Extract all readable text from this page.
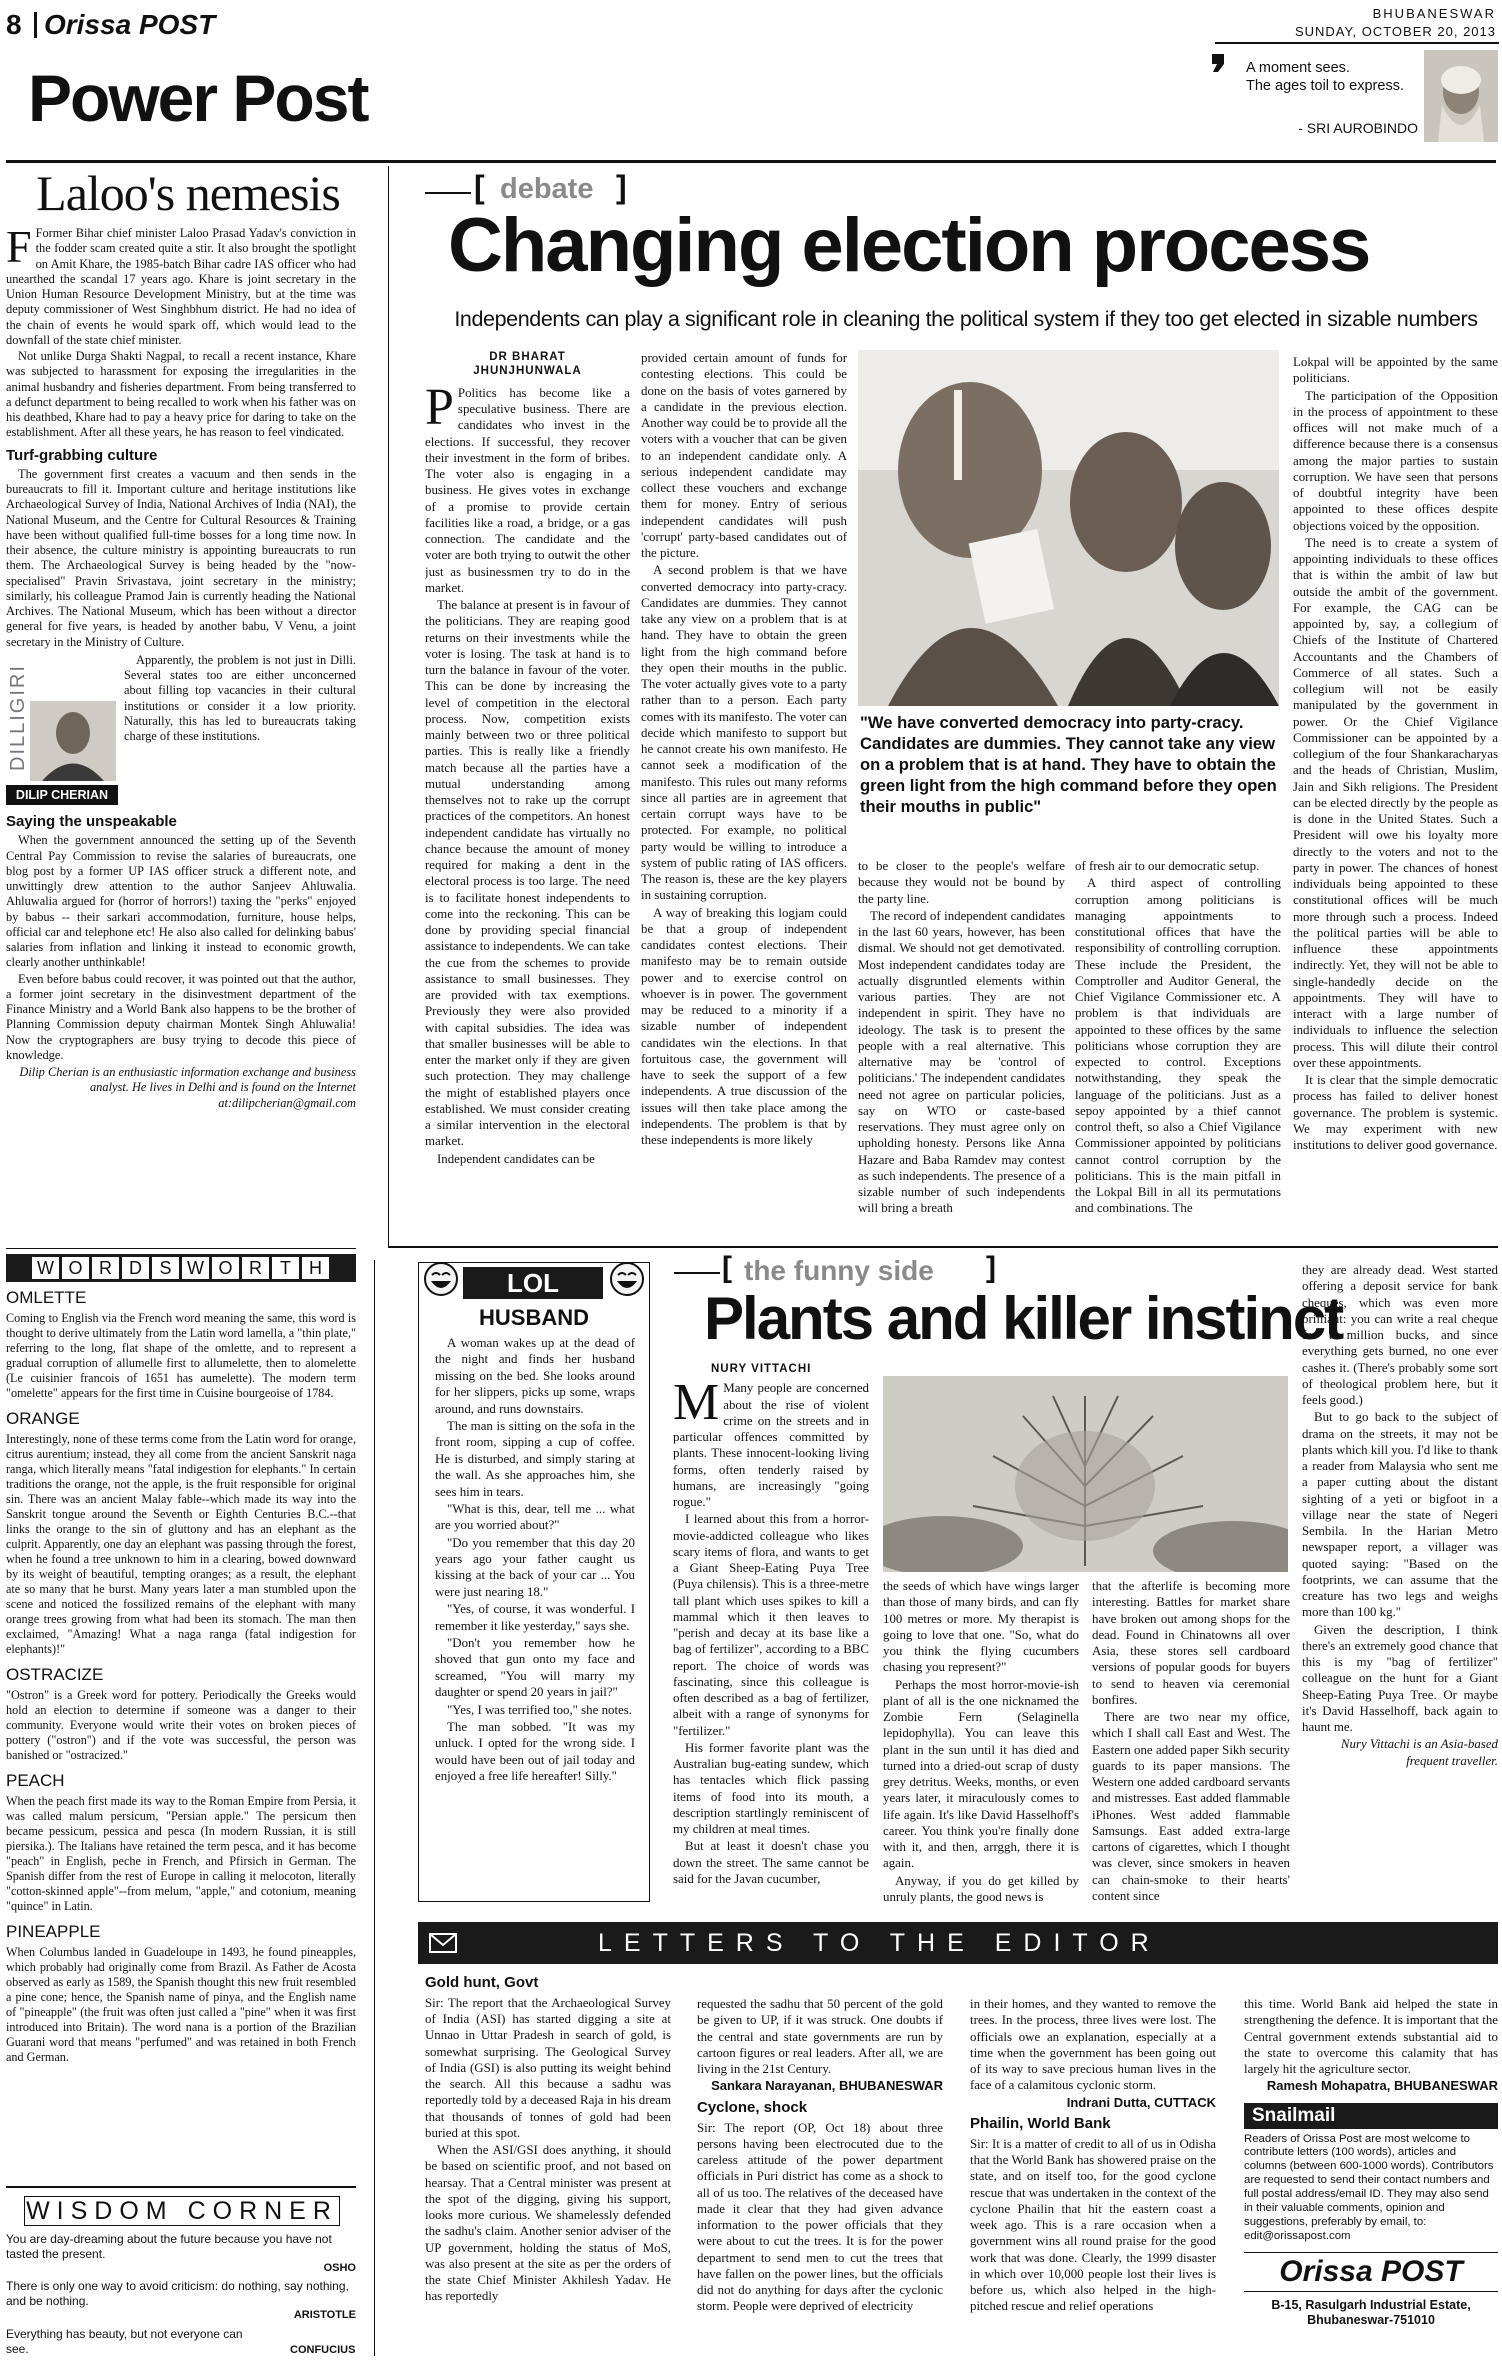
8 Orissa POST
Power Post
BHUBANESWAR
SUNDAY, OCTOBER 20, 2013
A moment sees.
The ages toil to express.
- SRI AUROBINDO
Laloo's nemesis

F Former Bihar chief minister Laloo Prasad Yadav's conviction in the fodder scam created quite a stir. It also brought the spotlight on Amit Khare, the 1985-batch Bihar cadre IAS officer who had unearthed the scandal 17 years ago. Khare is joint secretary in the Union Human Resource Development Ministry, but at the time was deputy commissioner of West Singhbhum district. He had no idea of the chain of events he would spark off, which would lead to the downfall of the state chief minister.

Not unlike Durga Shakti Nagpal, to recall a recent instance, Khare was subjected to harassment for exposing the irregularities in the animal husbandry and fisheries department. From being transferred to a defunct department to being recalled to work when his father was on his deathbed, Khare had to pay a heavy price for daring to take on the establishment. After all these years, he has reason to feel vindicated.

Turf-grabbing culture

The government first creates a vacuum and then sends in the bureaucrats to fill it. Important culture and heritage institutions like Archaeological Survey of India, National Archives of India (NAI), the National Museum, and the Centre for Cultural Resources & Training have been without qualified full-time bosses for a long time now. In their absence, the culture ministry is appointing bureaucrats to run them. The Archaeological Survey is being headed by the "now-specialised" Pravin Srivastava, joint secretary in the ministry; similarly, his colleague Pramod Jain is currently heading the National Archives. The National Museum, which has been without a director general for five years, is headed by another babu, V Venu, a joint secretary in the Ministry of Culture.

DILLIGIRI
DILIP CHERIAN

Apparently, the problem is not just in Dilli. Several states too are either unconcerned about filling top vacancies in their cultural institutions or consider it a low priority. Naturally, this has led to bureaucrats taking charge of these institutions.

Saying the unspeakable

When the government announced the setting up of the Seventh Central Pay Commission to revise the salaries of bureaucrats, one blog post by a former UP IAS officer struck a different note, and unwittingly drew attention to the author Sanjeev Ahluwalia. Ahluwalia argued for (horror of horrors!) taxing the "perks" enjoyed by babus -- their sarkari accommodation, furniture, house helps, official car and telephone etc! He also also called for delinking babus' salaries from inflation and linking it instead to economic growth, clearly another unthinkable!

Even before babus could recover, it was pointed out that the author, a former joint secretary in the disinvestment department of the Finance Ministry and a World Bank also happens to be the brother of Planning Commission deputy chairman Montek Singh Ahluwalia! Now the cryptographers are busy trying to decode this piece of knowledge.

Dilip Cherian is an enthusiastic information exchange and business analyst. He lives in Delhi and is found on the Internet at:dilipcherian@gmail.com

W O R D S W O R	T	H
OMLETTE

Coming to English via the French word meaning the same, this word is thought to derive ultimately from the Latin word lamella, a "thin plate," referring to the long, flat shape of the omlette, and to represent a gradual corruption of allumelle first to allumelette, then to alomelette (Le cuisinier francois of 1651 has aumelette). The modern term "omelette" appears for the first time in Cuisine bourgeoise of 1784.

ORANGE

Interestingly, none of these terms come from the Latin word for orange, citrus aurentium; instead, they all come from the ancient Sanskrit naga ranga, which literally means "fatal indigestion for elephants." In certain traditions the orange, not the apple, is the fruit responsible for original sin. There was an ancient Malay fable--which made its way into the Sanskrit tongue around the Seventh or Eighth Centuries B.C.--that links the orange to the sin of gluttony and has an elephant as the culprit. Apparently, one day an elephant was passing through the forest, when he found a tree unknown to him in a clearing, bowed downward by its weight of beautiful, tempting oranges; as a result, the elephant ate so many that he burst. Many years later a man stumbled upon the scene and noticed the fossilized remains of the elephant with many orange trees growing from what had been its stomach. The man then exclaimed, "Amazing! What a naga ranga (fatal indigestion for elephants)!"

OSTRACIZE

"Ostron" is a Greek word for pottery. Periodically the Greeks would hold an election to determine if someone was a danger to their community. Everyone would write their votes on broken pieces of pottery ("ostron") and if the vote was successful, the person was banished or "ostracized."

PEACH

When the peach first made its way to the Roman Empire from Persia, it was called malum persicum, "Persian apple." The persicum then became pessicum, pessica and pesca (In modern Russian, it is still piersika.). The Italians have retained the term pesca, and it has become "peach" in English, peche in French, and Pfirsich in German. The Spanish differ from the rest of Europe in calling it melocoton, literally "cotton-skinned apple"--from melum, "apple," and cotonium, meaning "quince" in Latin.

PINEAPPLE

When Columbus landed in Guadeloupe in 1493, he found pineapples, which probably had originally come from Brazil. As Father de Acosta observed as early as 1589, the Spanish thought this new fruit resembled a pine cone; hence, the Spanish name of pinya, and the English name of "pineapple" (the fruit was often just called a "pine" when it was first introduced into Britain). The word nana is a portion of the Brazilian Guarani word that means "perfumed" and was retained in both French and German.

WISDOM CORNER
You are day-dreaming about the future because you have not tasted the present.
OSHO
There is only one way to avoid criticism: do nothing, say nothing, and be nothing.
ARISTOTLE
Everything has beauty, but not everyone can see.	CONFUCIUS
[ debate ]
Changing election process
Independents can play a significant role in cleaning the political system if they too get elected in sizable numbers
DR BHARAT
JHUNJHUNWALA

P Politics has become like a speculative business. There are candidates who invest in the elections. If successful, they recover their investment in the form of bribes. The voter also is engaging in a business. He gives votes in exchange of a promise to provide certain facilities like a road, a bridge, or a gas connection. The candidate and the voter are both trying to outwit the other just as businessmen try to do in the market.

The balance at present is in favour of the politicians. They are reaping good returns on their investments while the voter is losing. The task at hand is to turn the balance in favour of the voter. This can be done by increasing the level of competition in the electoral process. Now, competition exists mainly between two or three political parties. This is really like a friendly match because all the parties have a mutual understanding among themselves not to rake up the corrupt practices of the competitors. An honest independent candidate has virtually no chance because the amount of money required for making a dent in the electoral process is too large. The need is to facilitate honest independents to come into the reckoning. This can be done by providing special financial assistance to independents. We can take the cue from the schemes to provide assistance to small businesses. They are provided with tax exemptions. Previously they were also provided with capital subsidies. The idea was that smaller businesses will be able to enter the market only if they are given such protection. They may challenge the might of established players once established. We must consider creating a similar intervention in the electoral market.

Independent candidates can be

provided certain amount of funds for contesting elections. This could be done on the basis of votes garnered by a candidate in the previous election. Another way could be to provide all the voters with a voucher that can be given to an independent candidate only. A serious independent candidate may collect these vouchers and exchange them for money. Entry of serious independent candidates will push 'corrupt' party-based candidates out of the picture.

A second problem is that we have converted democracy into party-cracy. Candidates are dummies. They cannot take any view on a problem that is at hand. They have to obtain the green light from the high command before they open their mouths in the public. The voter actually gives vote to a party rather than to a person. Each party comes with its manifesto. The voter can decide which manifesto to support but he cannot create his own manifesto. He cannot seek a modification of the manifesto. This rules out many reforms since all parties are in agreement that certain corrupt ways have to be protected. For example, no political party would be willing to introduce a system of public rating of IAS officers. The reason is, these are the key players in sustaining corruption.

A way of breaking this logjam could be that a group of independent candidates contest elections. Their manifesto may be to remain outside power and to exercise control on whoever is in power. The government may be reduced to a minority if a sizable number of independent candidates win the elections. In that fortuitous case, the government will have to seek the support of a few independents. A true discussion of the issues will then take place among the independents. The problem is that by these independents is more likely

"We have converted democracy into party-cracy. Candidates are dummies. They cannot take any view on a problem that is at hand. They have to obtain the green light from the high command before they open their mouths in public"

to be closer to the people's welfare because they would not be bound by the party line.

The record of independent candidates in the last 60 years, however, has been dismal. We should not get demotivated. Most independent candidates today are actually disgruntled elements within various parties. They are not independent in spirit. They have no ideology. The task is to present the people with a real alternative. This alternative may be 'control of politicians.' The independent candidates need not agree on particular policies, say on WTO or caste-based reservations. They must agree only on upholding honesty. Persons like Anna Hazare and Baba Ramdev may contest as such independents. The presence of a sizable number of such independents will bring a breath

of fresh air to our democratic setup.

A third aspect of controlling corruption among politicians is managing appointments to constitutional offices that have the responsibility of controlling corruption. These include the President, the Comptroller and Auditor General, the Chief Vigilance Commissioner etc. A problem is that individuals are appointed to these offices by the same politicians whose corruption they are expected to control. Exceptions notwithstanding, they speak the language of the politicians. Just as a sepoy appointed by a thief cannot control theft, so also a Chief Vigilance Commissioner appointed by politicians cannot control corruption by the politicians. This is the main pitfall in the Lokpal Bill in all its permutations and combinations. The

Lokpal will be appointed by the same politicians.

The participation of the Opposition in the process of appointment to these offices will not make much of a difference because there is a consensus among the major parties to sustain corruption. We have seen that persons of doubtful integrity have been appointed to these offices despite objections voiced by the opposition.

The need is to create a system of appointing individuals to these offices that is within the ambit of law but outside the ambit of the government. For example, the CAG can be appointed by, say, a collegium of Chiefs of the Institute of Chartered Accountants and the Chambers of Commerce of all states. Such a collegium will not be easily manipulated by the government in power. Or the Chief Vigilance Commissioner can be appointed by a collegium of the four Shankaracharyas and the heads of Christian, Muslim, Jain and Sikh religions. The President can be elected directly by the people as is done in the United States. Such a President will owe his loyalty more directly to the voters and not to the party in power. The chances of honest individuals being appointed to these constitutional offices will be much more through such a process. Indeed the political parties will be able to influence these appointments indirectly. Yet, they will not be able to single-handedly decide on the appointments. They will have to interact with a large number of individuals to influence the selection process. This will dilute their control over these appointments.

It is clear that the simple democratic process has failed to deliver honest governance. The problem is systemic. We may experiment with new institutions to deliver good governance.

LOL
HUSBAND

A woman wakes up at the dead of the night and finds her husband missing on the bed. She looks around for her slippers, picks up some, wraps around, and runs downstairs.

The man is sitting on the sofa in the front room, sipping a cup of coffee. He is disturbed, and simply staring at the wall. As she approaches him, she sees him in tears.

"What is this, dear, tell me ... what are you worried about?"

"Do you remember that this day 20 years ago your father caught us kissing at the back of your car ... You were just nearing 18."

"Yes, of course, it was wonderful. I remember it like yesterday," says she.

"Don't you remember how he shoved that gun onto my face and screamed, "You will marry my daughter or spend 20 years in jail?"

"Yes, I was terrified too," she notes.

The man sobbed. "It was my unluck. I opted for the wrong side. I would have been out of jail today and enjoyed a free life hereafter! Silly."

[ the funny side ]
Plants and killer instinct
NURY VITTACHI

M Many people are concerned about the rise of violent crime on the streets and in particular offences committed by plants. These innocent-looking living forms, often tenderly raised by humans, are increasingly "going rogue."

I learned about this from a horror-movie-addicted colleague who likes scary items of flora, and wants to get a Giant Sheep-Eating Puya Tree (Puya chilensis). This is a three-metre tall plant which uses spikes to kill a mammal which it then leaves to "perish and decay at its base like a bag of fertilizer", according to a BBC report. The choice of words was fascinating, since this colleague is often described as a bag of fertilizer, albeit with a range of synonyms for "fertilizer."

His former favorite plant was the Australian bug-eating sundew, which has tentacles which flick passing items of food into its mouth, a description startlingly reminiscent of my children at meal times.

But at least it doesn't chase you down the street. The same cannot be said for the Javan cucumber,

the seeds of which have wings larger than those of many birds, and can fly 100 metres or more. My therapist is going to love that one. "So, what do you think the flying cucumbers chasing you represent?"

Perhaps the most horror-movie-ish plant of all is the one nicknamed the Zombie Fern (Selaginella lepidophylla). You can leave this plant in the sun until it has died and turned into a dried-out scrap of dusty grey detritus. Weeks, months, or even years later, it miraculously comes to life again. It's like David Hasselhoff's career. You think you're finally done with it, and then, arrggh, there it is again.

Anyway, if you do get killed by unruly plants, the good news is

that the afterlife is becoming more interesting. Battles for market share have broken out among shops for the dead. Found in Chinatowns all over Asia, these stores sell cardboard versions of popular goods for buyers to send to heaven via ceremonial bonfires.

There are two near my office, which I shall call East and West. The Eastern one added paper Sikh security guards to its paper mansions. The Western one added cardboard servants and mistresses. East added flammable iPhones. West added flammable Samsungs. East added extra-large cartons of cigarettes, which I thought was clever, since smokers in heaven can chain-smoke to their hearts' content since

they are already dead. West started offering a deposit service for bank cheques, which was even more brilliant: you can write a real cheque for a million bucks, and since everything gets burned, no one ever cashes it. (There's probably some sort of theological problem here, but it feels good.)

But to go back to the subject of drama on the streets, it may not be plants which kill you. I'd like to thank a reader from Malaysia who sent me a paper cutting about the distant sighting of a yeti or bigfoot in a village near the state of Negeri Sembila. In the Harian Metro newspaper report, a villager was quoted saying: "Based on the footprints, we can assume that the creature has two legs and weighs more than 100 kg."

Given the description, I think there's an extremely good chance that this is my "bag of fertilizer" colleague on the hunt for a Giant Sheep-Eating Puya Tree. Or maybe it's David Hasselhoff, back again to haunt me.

Nury Vittachi is an Asia-based

frequent traveller.

LETTERS TO THE EDITOR
Gold hunt, Govt

Sir: The report that the Archaeological Survey of India (ASI) has started digging a site at Unnao in Uttar Pradesh in search of gold, is somewhat surprising. The Geological Survey of India (GSI) is also putting its weight behind the search. All this because a sadhu was reportedly told by a deceased Raja in his dream that thousands of tonnes of gold had been buried at this spot.

When the ASI/GSI does anything, it should be based on scientific proof, and not based on hearsay. That a Central minister was present at the spot of the digging, giving his support, looks more curious. We shamelessly defended the sadhu's claim. Another senior adviser of the UP government, holding the status of MoS, was also present at the site as per the orders of the state Chief Minister Akhilesh Yadav. He has reportedly

requested the sadhu that 50 percent of the gold be given to UP, if it was struck. One doubts if the central and state governments are run by cartoon figures or real leaders. After all, we are living in the 21st Century.

Sankara Narayanan, BHUBANESWAR
Cyclone, shock

Sir: The report (OP, Oct 18) about three persons having been electrocuted due to the careless attitude of the power department officials in Puri district has come as a shock to all of us too. The relatives of the deceased have made it clear that they had given advance information to the power officials that they were about to cut the trees. It is for the power department to send men to cut the trees that have fallen on the power lines, but the officials did not do anything for days after the cyclonic storm. People were deprived of electricity

in their homes, and they wanted to remove the trees. In the process, three lives were lost. The officials owe an explanation, especially at a time when the government has been going out of its way to save precious human lives in the face of a calamitous cyclonic storm.

Indrani Dutta, CUTTACK
Phailin, World Bank

Sir: It is a matter of credit to all of us in Odisha that the World Bank has showered praise on the state, and on itself too, for the good cyclone rescue that was undertaken in the context of the cyclone Phailin that hit the eastern coast a week ago. This is a rare occasion when a government wins all round praise for the good work that was done. Clearly, the 1999 disaster in which over 10,000 people lost their lives is before us, which also helped in the high-pitched rescue and relief operations

this time. World Bank aid helped the state in strengthening the defence. It is important that the Central government extends substantial aid to the state to overcome this calamity that has largely hit the agriculture sector.

Ramesh Mohapatra, BHUBANESWAR
Snailmail

Readers of Orissa Post are most welcome to contribute letters (100 words), articles and columns (between 600-1000 words). Contributors are requested to send their contact numbers and full postal address/email ID. They may also send in their valuable comments, opinion and suggestions, preferably by email, to: edit@orissapost.com

Orissa POST
B-15, Rasulgarh Industrial Estate,
Bhubaneswar-751010
